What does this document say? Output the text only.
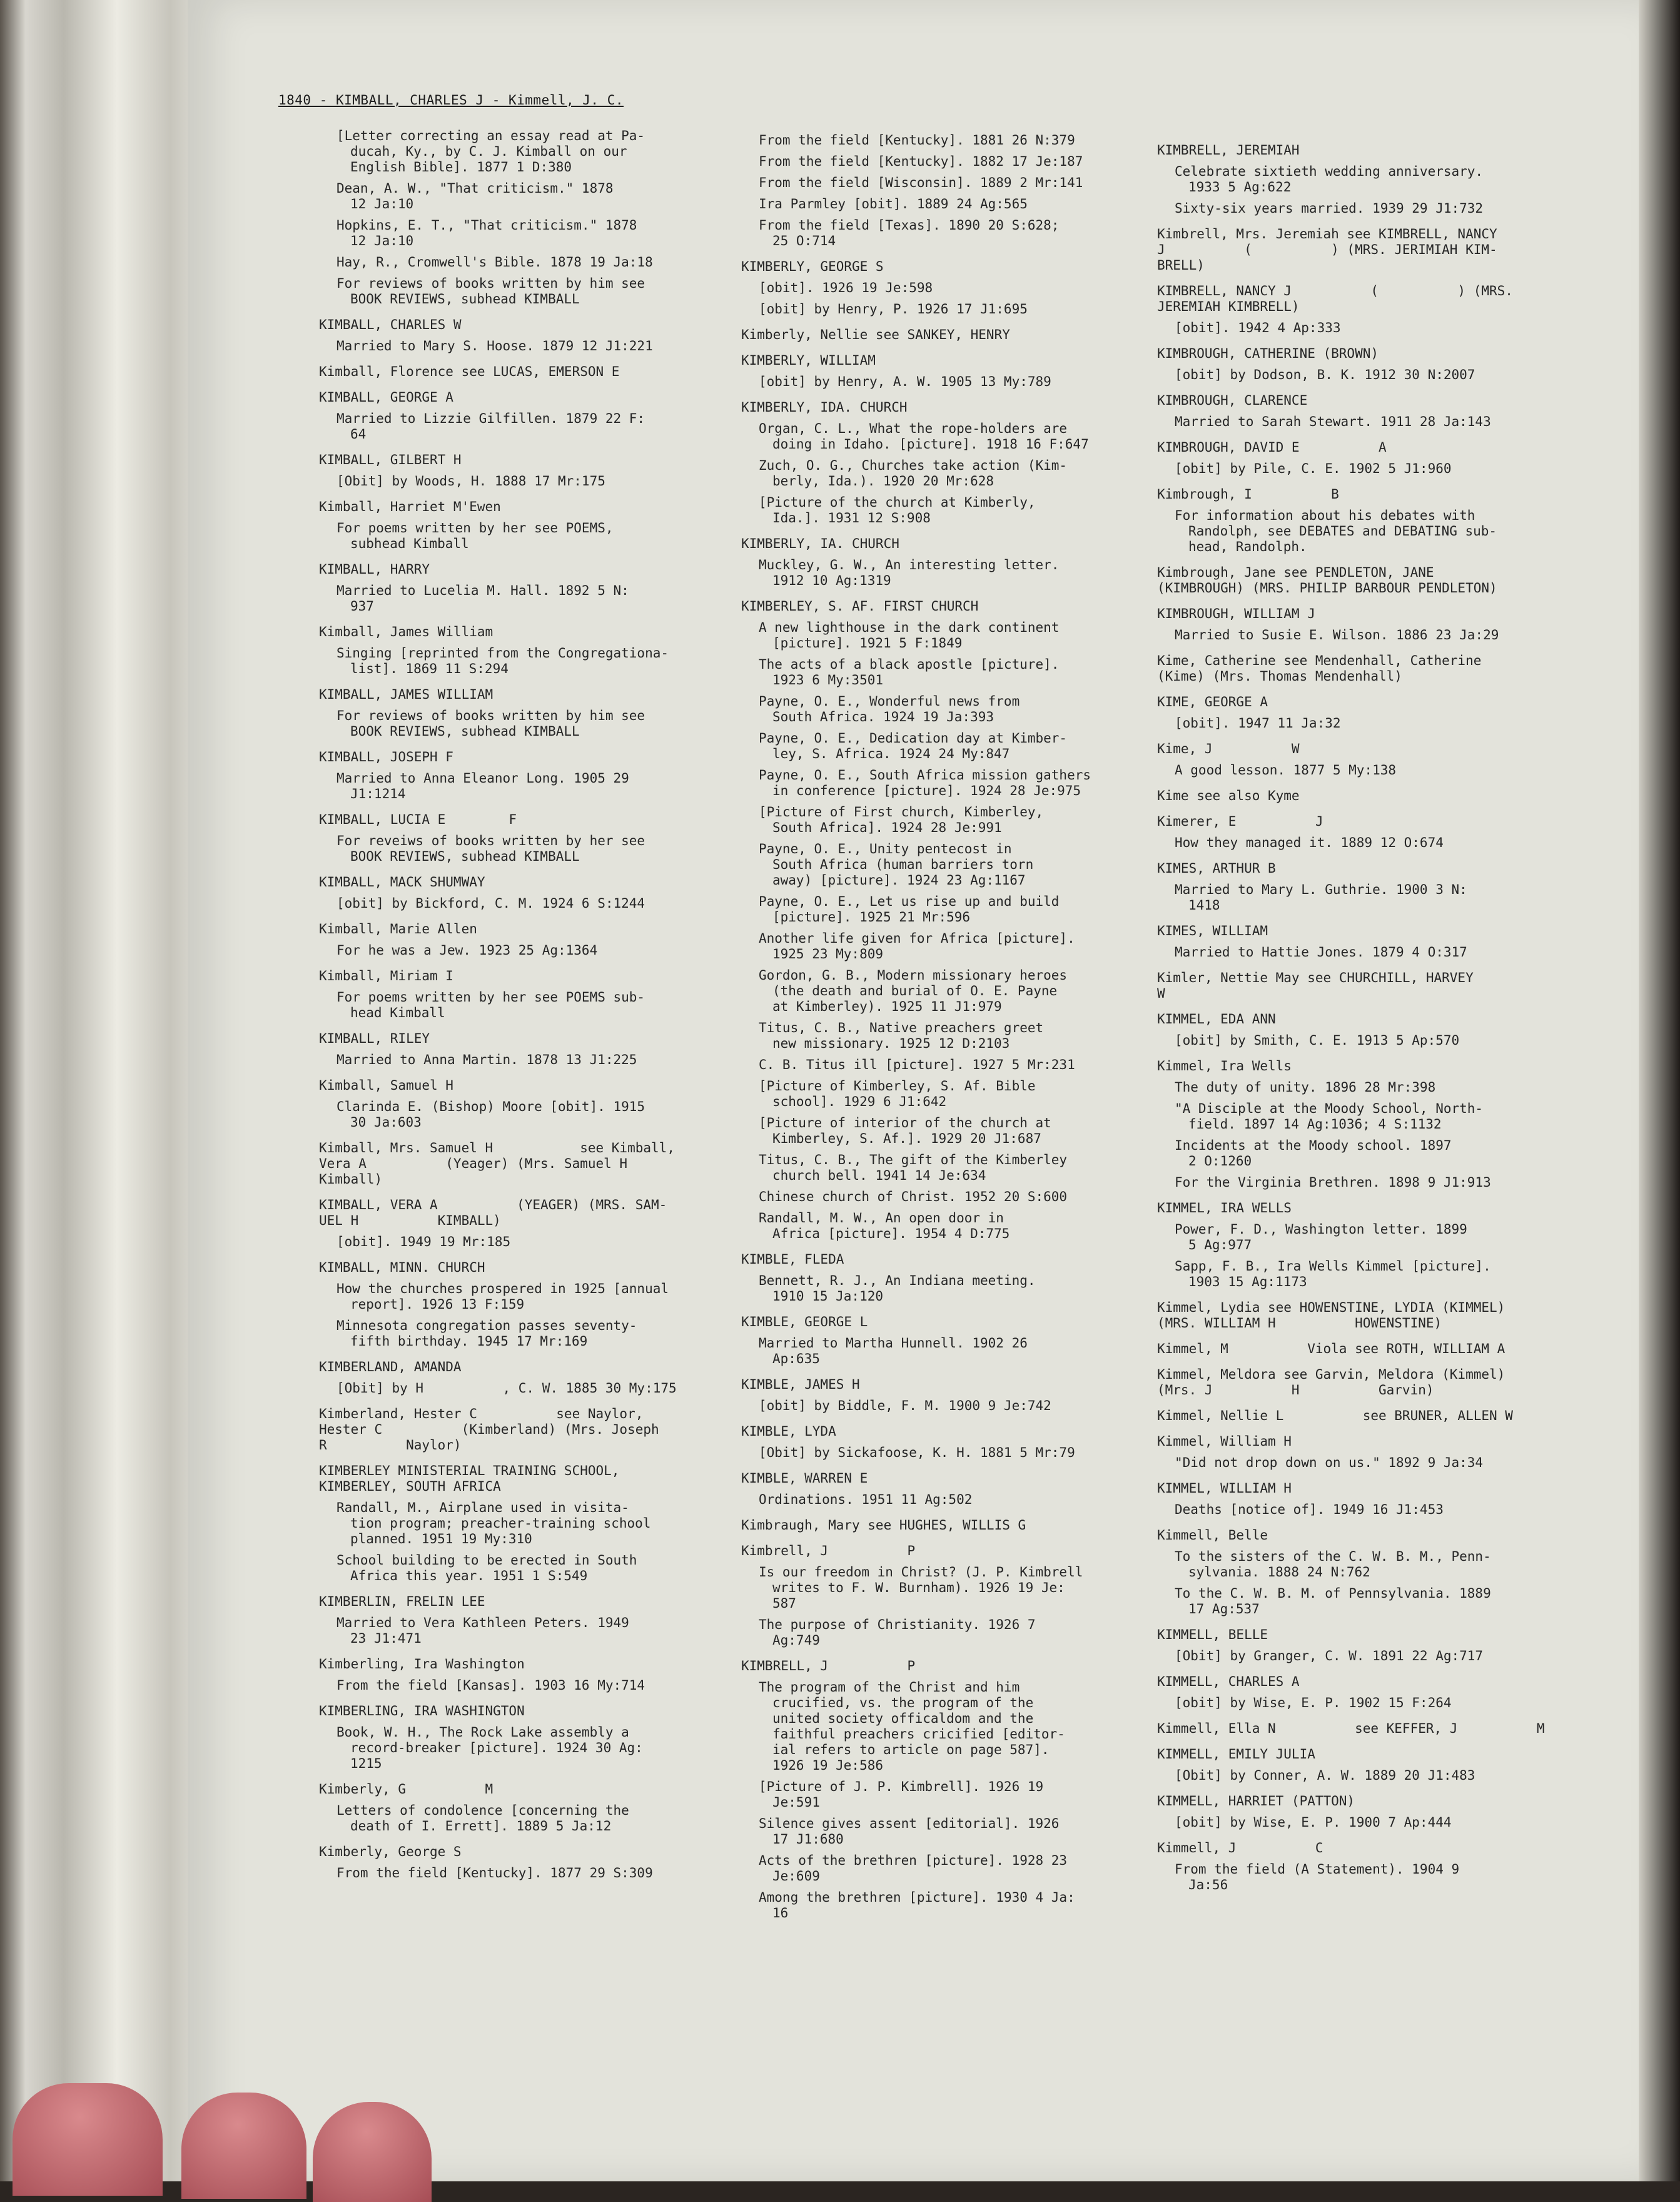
1840 - KIMBALL, CHARLES J - Kimmell, J. C.
[Letter correcting an essay read at Pa-
ducah, Ky., by C. J. Kimball on our
English Bible]. 1877 1 D:380
Dean, A. W., "That criticism." 1878
12 Ja:10
Hopkins, E. T., "That criticism." 1878
12 Ja:10
Hay, R., Cromwell's Bible. 1878 19 Ja:18
For reviews of books written by him see
BOOK REVIEWS, subhead KIMBALL
KIMBALL, CHARLES W
Married to Mary S. Hoose. 1879 12 J1:221
Kimball, Florence see LUCAS, EMERSON E
KIMBALL, GEORGE A
Married to Lizzie Gilfillen. 1879 22 F:
64
KIMBALL, GILBERT H
[Obit] by Woods, H. 1888 17 Mr:175
Kimball, Harriet M'Ewen
For poems written by her see POEMS,
subhead Kimball
KIMBALL, HARRY
Married to Lucelia M. Hall. 1892 5 N:
937
Kimball, James William
Singing [reprinted from the Congregationa-
list]. 1869 11 S:294
KIMBALL, JAMES WILLIAM
For reviews of books written by him see
BOOK REVIEWS, subhead KIMBALL
KIMBALL, JOSEPH F
Married to Anna Eleanor Long. 1905 29
J1:1214
KIMBALL, LUCIA E        F
For reveiws of books written by her see
BOOK REVIEWS, subhead KIMBALL
KIMBALL, MACK SHUMWAY
[obit] by Bickford, C. M. 1924 6 S:1244
Kimball, Marie Allen
For he was a Jew. 1923 25 Ag:1364
Kimball, Miriam I
For poems written by her see POEMS sub-
head Kimball
KIMBALL, RILEY
Married to Anna Martin. 1878 13 J1:225
Kimball, Samuel H
Clarinda E. (Bishop) Moore [obit]. 1915
30 Ja:603
Kimball, Mrs. Samuel H           see Kimball,
Vera A          (Yeager) (Mrs. Samuel H
Kimball)
KIMBALL, VERA A          (YEAGER) (MRS. SAM-
UEL H          KIMBALL)
[obit]. 1949 19 Mr:185
KIMBALL, MINN. CHURCH
How the churches prospered in 1925 [annual
report]. 1926 13 F:159
Minnesota congregation passes seventy-
fifth birthday. 1945 17 Mr:169
KIMBERLAND, AMANDA
[Obit] by H          , C. W. 1885 30 My:175
Kimberland, Hester C          see Naylor,
Hester C          (Kimberland) (Mrs. Joseph
R          Naylor)
KIMBERLEY MINISTERIAL TRAINING SCHOOL,
KIMBERLEY, SOUTH AFRICA
Randall, M., Airplane used in visita-
tion program; preacher-training school
planned. 1951 19 My:310
School building to be erected in South
Africa this year. 1951 1 S:549
KIMBERLIN, FRELIN LEE
Married to Vera Kathleen Peters. 1949
23 J1:471
Kimberling, Ira Washington
From the field [Kansas]. 1903 16 My:714
KIMBERLING, IRA WASHINGTON
Book, W. H., The Rock Lake assembly a
record-breaker [picture]. 1924 30 Ag:
1215
Kimberly, G          M
Letters of condolence [concerning the
death of I. Errett]. 1889 5 Ja:12
Kimberly, George S
From the field [Kentucky]. 1877 29 S:309
From the field [Kentucky]. 1881 26 N:379
From the field [Kentucky]. 1882 17 Je:187
From the field [Wisconsin]. 1889 2 Mr:141
Ira Parmley [obit]. 1889 24 Ag:565
From the field [Texas]. 1890 20 S:628;
25 O:714
KIMBERLY, GEORGE S
[obit]. 1926 19 Je:598
[obit] by Henry, P. 1926 17 J1:695
Kimberly, Nellie see SANKEY, HENRY
KIMBERLY, WILLIAM
[obit] by Henry, A. W. 1905 13 My:789
KIMBERLY, IDA. CHURCH
Organ, C. L., What the rope-holders are
doing in Idaho. [picture]. 1918 16 F:647
Zuch, O. G., Churches take action (Kim-
berly, Ida.). 1920 20 Mr:628
[Picture of the church at Kimberly,
Ida.]. 1931 12 S:908
KIMBERLY, IA. CHURCH
Muckley, G. W., An interesting letter.
1912 10 Ag:1319
KIMBERLEY, S. AF. FIRST CHURCH
A new lighthouse in the dark continent
[picture]. 1921 5 F:1849
The acts of a black apostle [picture].
1923 6 My:3501
Payne, O. E., Wonderful news from
South Africa. 1924 19 Ja:393
Payne, O. E., Dedication day at Kimber-
ley, S. Africa. 1924 24 My:847
Payne, O. E., South Africa mission gathers
in conference [picture]. 1924 28 Je:975
[Picture of First church, Kimberley,
South Africa]. 1924 28 Je:991
Payne, O. E., Unity pentecost in
South Africa (human barriers torn
away) [picture]. 1924 23 Ag:1167
Payne, O. E., Let us rise up and build
[picture]. 1925 21 Mr:596
Another life given for Africa [picture].
1925 23 My:809
Gordon, G. B., Modern missionary heroes
(the death and burial of O. E. Payne
at Kimberley). 1925 11 J1:979
Titus, C. B., Native preachers greet
new missionary. 1925 12 D:2103
C. B. Titus ill [picture]. 1927 5 Mr:231
[Picture of Kimberley, S. Af. Bible
school]. 1929 6 J1:642
[Picture of interior of the church at
Kimberley, S. Af.]. 1929 20 J1:687
Titus, C. B., The gift of the Kimberley
church bell. 1941 14 Je:634
Chinese church of Christ. 1952 20 S:600
Randall, M. W., An open door in
Africa [picture]. 1954 4 D:775
KIMBLE, FLEDA
Bennett, R. J., An Indiana meeting.
1910 15 Ja:120
KIMBLE, GEORGE L
Married to Martha Hunnell. 1902 26
Ap:635
KIMBLE, JAMES H
[obit] by Biddle, F. M. 1900 9 Je:742
KIMBLE, LYDA
[Obit] by Sickafoose, K. H. 1881 5 Mr:79
KIMBLE, WARREN E
Ordinations. 1951 11 Ag:502
Kimbraugh, Mary see HUGHES, WILLIS G
Kimbrell, J          P
Is our freedom in Christ? (J. P. Kimbrell
writes to F. W. Burnham). 1926 19 Je:
587
The purpose of Christianity. 1926 7
Ag:749
KIMBRELL, J          P
The program of the Christ and him
crucified, vs. the program of the
united society officaldom and the
faithful preachers cricified [editor-
ial refers to article on page 587].
1926 19 Je:586
[Picture of J. P. Kimbrell]. 1926 19
Je:591
Silence gives assent [editorial]. 1926
17 J1:680
Acts of the brethren [picture]. 1928 23
Je:609
Among the brethren [picture]. 1930 4 Ja:
16
KIMBRELL, JEREMIAH
Celebrate sixtieth wedding anniversary.
1933 5 Ag:622
Sixty-six years married. 1939 29 J1:732
Kimbrell, Mrs. Jeremiah see KIMBRELL, NANCY
J          (          ) (MRS. JERIMIAH KIM-
BRELL)
KIMBRELL, NANCY J          (          ) (MRS.
JEREMIAH KIMBRELL)
[obit]. 1942 4 Ap:333
KIMBROUGH, CATHERINE (BROWN)
[obit] by Dodson, B. K. 1912 30 N:2007
KIMBROUGH, CLARENCE
Married to Sarah Stewart. 1911 28 Ja:143
KIMBROUGH, DAVID E          A
[obit] by Pile, C. E. 1902 5 J1:960
Kimbrough, I          B
For information about his debates with
Randolph, see DEBATES and DEBATING sub-
head, Randolph.
Kimbrough, Jane see PENDLETON, JANE
(KIMBROUGH) (MRS. PHILIP BARBOUR PENDLETON)
KIMBROUGH, WILLIAM J
Married to Susie E. Wilson. 1886 23 Ja:29
Kime, Catherine see Mendenhall, Catherine
(Kime) (Mrs. Thomas Mendenhall)
KIME, GEORGE A
[obit]. 1947 11 Ja:32
Kime, J          W
A good lesson. 1877 5 My:138
Kime see also Kyme
Kimerer, E          J
How they managed it. 1889 12 O:674
KIMES, ARTHUR B
Married to Mary L. Guthrie. 1900 3 N:
1418
KIMES, WILLIAM
Married to Hattie Jones. 1879 4 O:317
Kimler, Nettie May see CHURCHILL, HARVEY
W
KIMMEL, EDA ANN
[obit] by Smith, C. E. 1913 5 Ap:570
Kimmel, Ira Wells
The duty of unity. 1896 28 Mr:398
"A Disciple at the Moody School, North-
field. 1897 14 Ag:1036; 4 S:1132
Incidents at the Moody school. 1897
2 O:1260
For the Virginia Brethren. 1898 9 J1:913
KIMMEL, IRA WELLS
Power, F. D., Washington letter. 1899
5 Ag:977
Sapp, F. B., Ira Wells Kimmel [picture].
1903 15 Ag:1173
Kimmel, Lydia see HOWENSTINE, LYDIA (KIMMEL)
(MRS. WILLIAM H          HOWENSTINE)
Kimmel, M          Viola see ROTH, WILLIAM A
Kimmel, Meldora see Garvin, Meldora (Kimmel)
(Mrs. J          H          Garvin)
Kimmel, Nellie L          see BRUNER, ALLEN W
Kimmel, William H
"Did not drop down on us." 1892 9 Ja:34
KIMMEL, WILLIAM H
Deaths [notice of]. 1949 16 J1:453
Kimmell, Belle
To the sisters of the C. W. B. M., Penn-
sylvania. 1888 24 N:762
To the C. W. B. M. of Pennsylvania. 1889
17 Ag:537
KIMMELL, BELLE
[Obit] by Granger, C. W. 1891 22 Ag:717
KIMMELL, CHARLES A
[obit] by Wise, E. P. 1902 15 F:264
Kimmell, Ella N          see KEFFER, J          M
KIMMELL, EMILY JULIA
[Obit] by Conner, A. W. 1889 20 J1:483
KIMMELL, HARRIET (PATTON)
[obit] by Wise, E. P. 1900 7 Ap:444
Kimmell, J          C
From the field (A Statement). 1904 9
Ja:56
